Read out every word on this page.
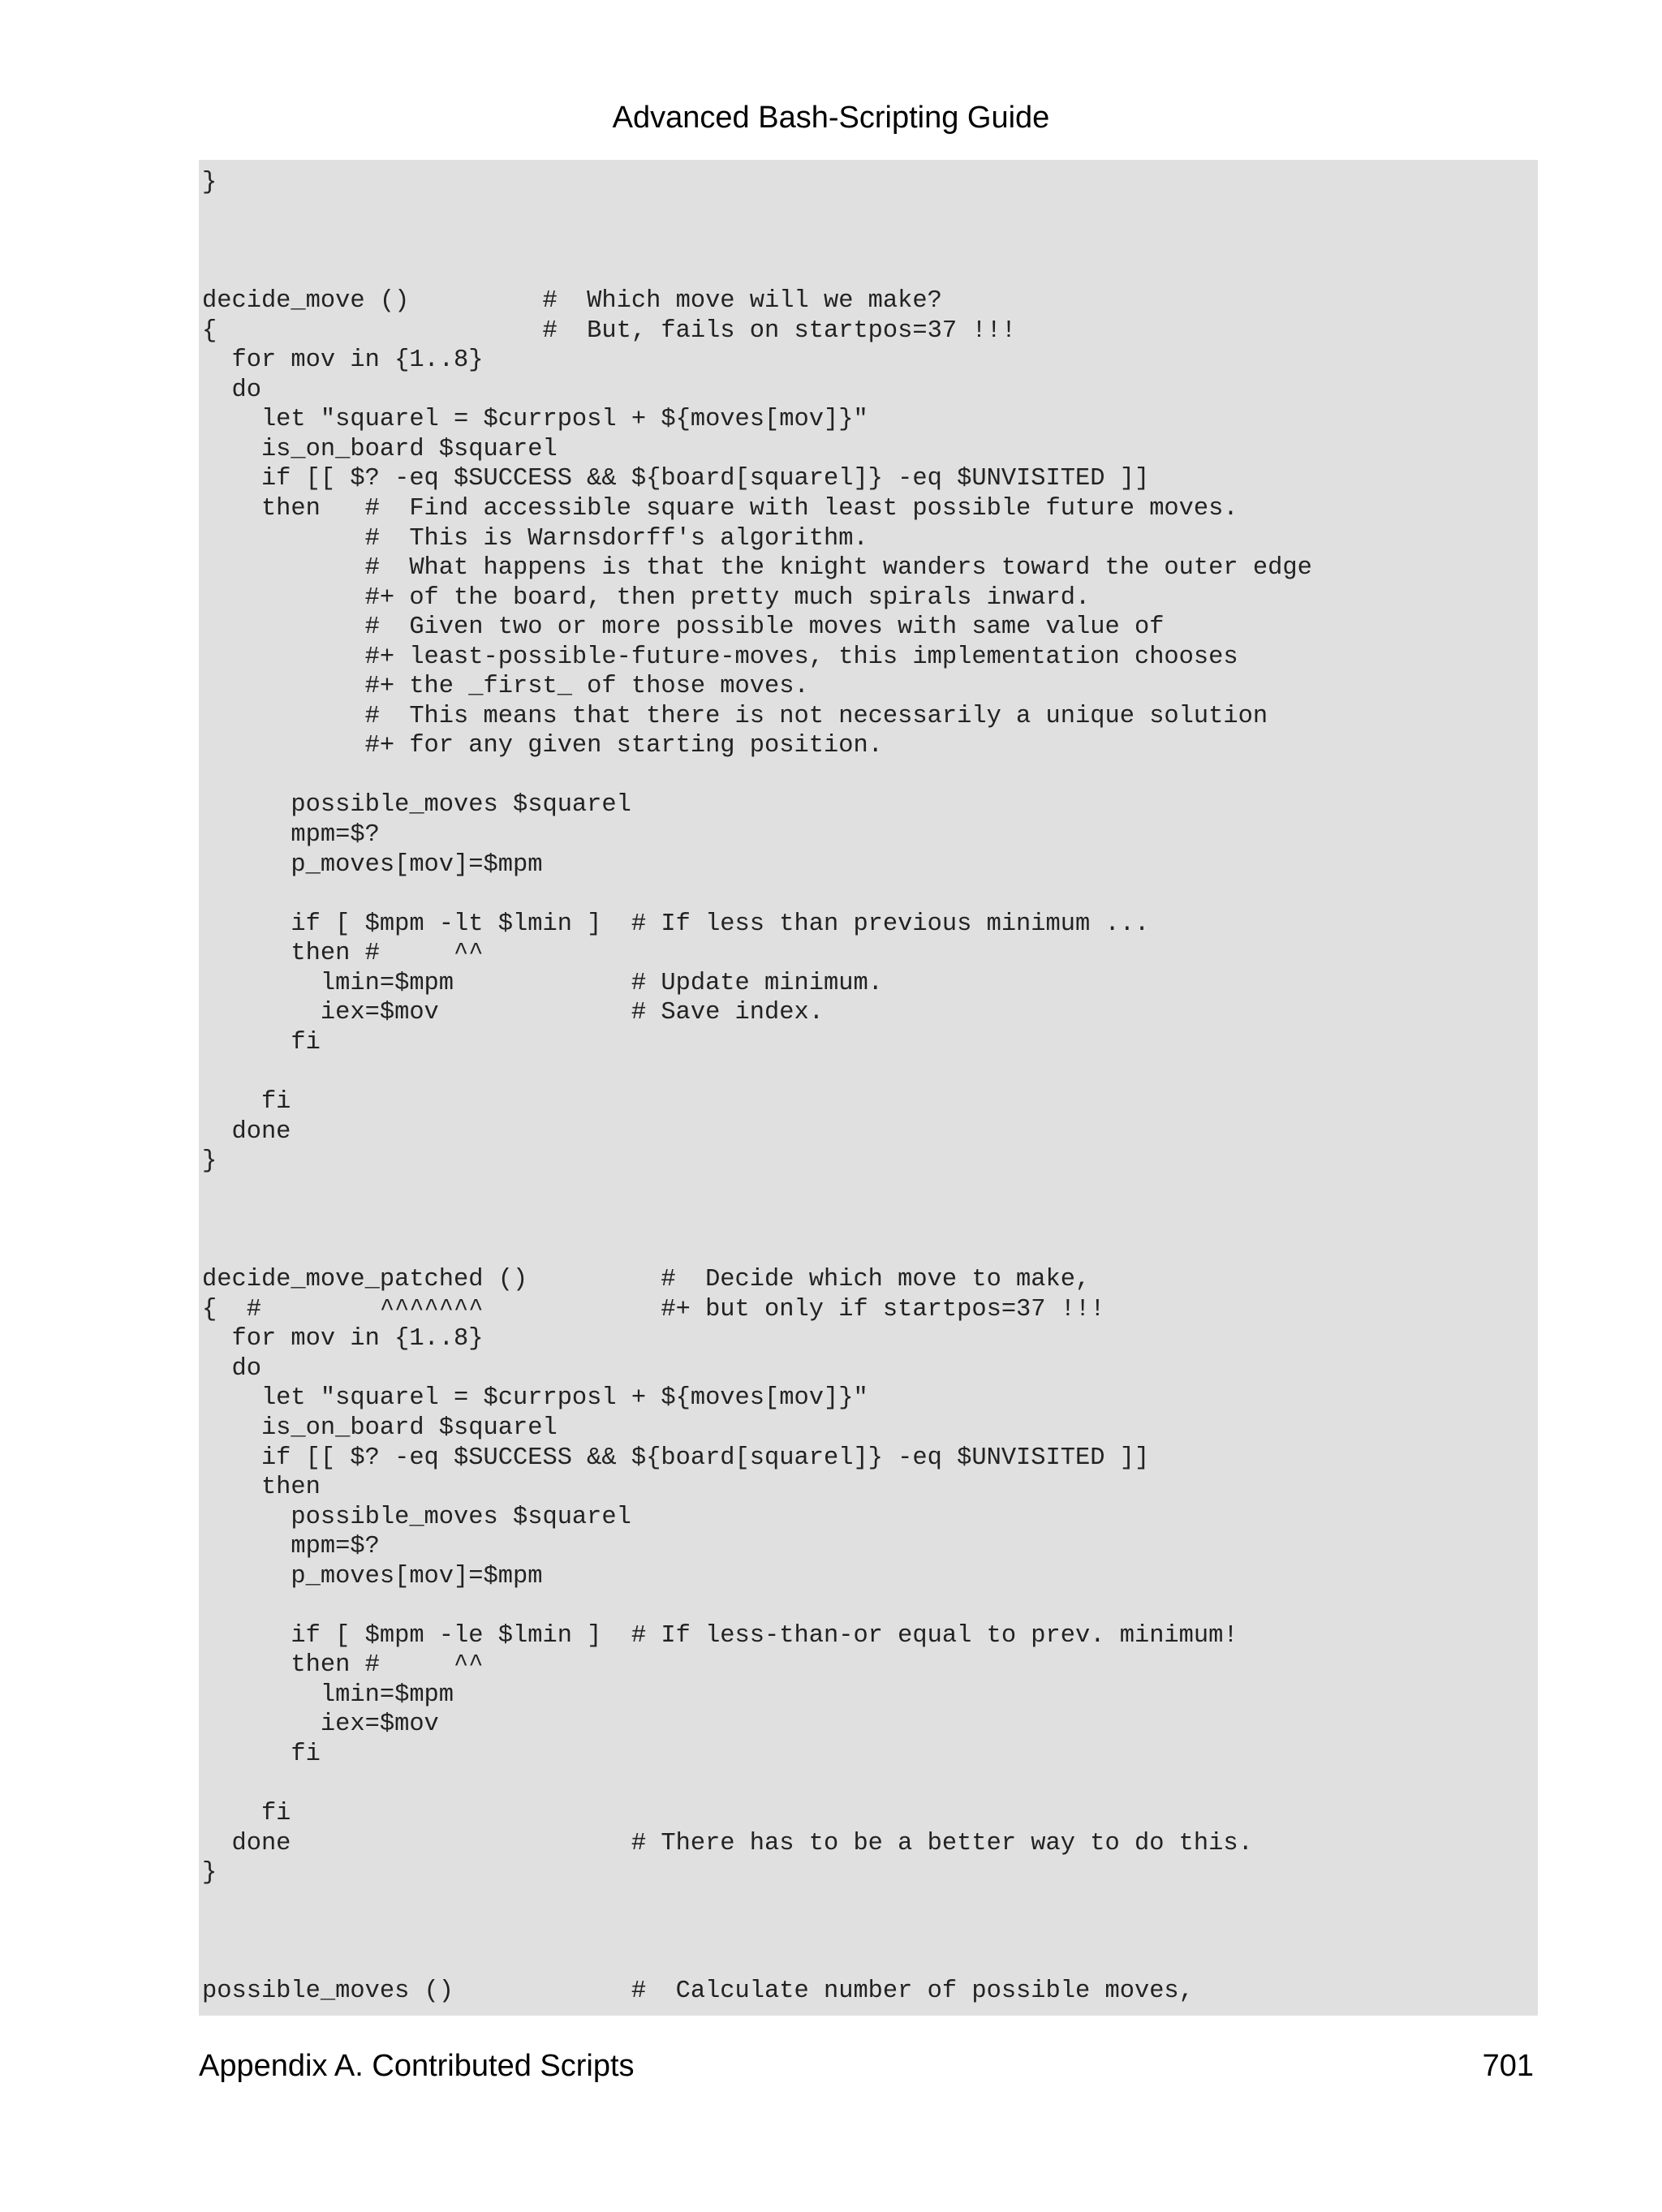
Advanced Bash-Scripting Guide
}
decide_move ()         #  Which move will we make?
{                      #  But, fails on startpos=37 !!!
for mov in {1..8}
do
let "squarel = $currposl + ${moves[mov]}"
is_on_board $squarel
if [[ $? -eq $SUCCESS && ${board[squarel]} -eq $UNVISITED ]]
then   #  Find accessible square with least possible future moves.
#  This is Warnsdorff's algorithm.
#  What happens is that the knight wanders toward the outer edge
#+ of the board, then pretty much spirals inward.
#  Given two or more possible moves with same value of
#+ least-possible-future-moves, this implementation chooses
#+ the _first_ of those moves.
#  This means that there is not necessarily a unique solution
#+ for any given starting position.
possible_moves $squarel
mpm=$?
p_moves[mov]=$mpm
if [ $mpm -lt $lmin ]  # If less than previous minimum ...
then #     ^^
lmin=$mpm            # Update minimum.
iex=$mov             # Save index.
fi
fi
done
}
decide_move_patched ()         #  Decide which move to make,
{  #        ^^^^^^^            #+ but only if startpos=37 !!!
for mov in {1..8}
do
let "squarel = $currposl + ${moves[mov]}"
is_on_board $squarel
if [[ $? -eq $SUCCESS && ${board[squarel]} -eq $UNVISITED ]]
then
possible_moves $squarel
mpm=$?
p_moves[mov]=$mpm
if [ $mpm -le $lmin ]  # If less-than-or equal to prev. minimum!
then #     ^^
lmin=$mpm
iex=$mov
fi
fi
done                       # There has to be a better way to do this.
}
possible_moves ()            #  Calculate number of possible moves,
Appendix A. Contributed Scripts	701
